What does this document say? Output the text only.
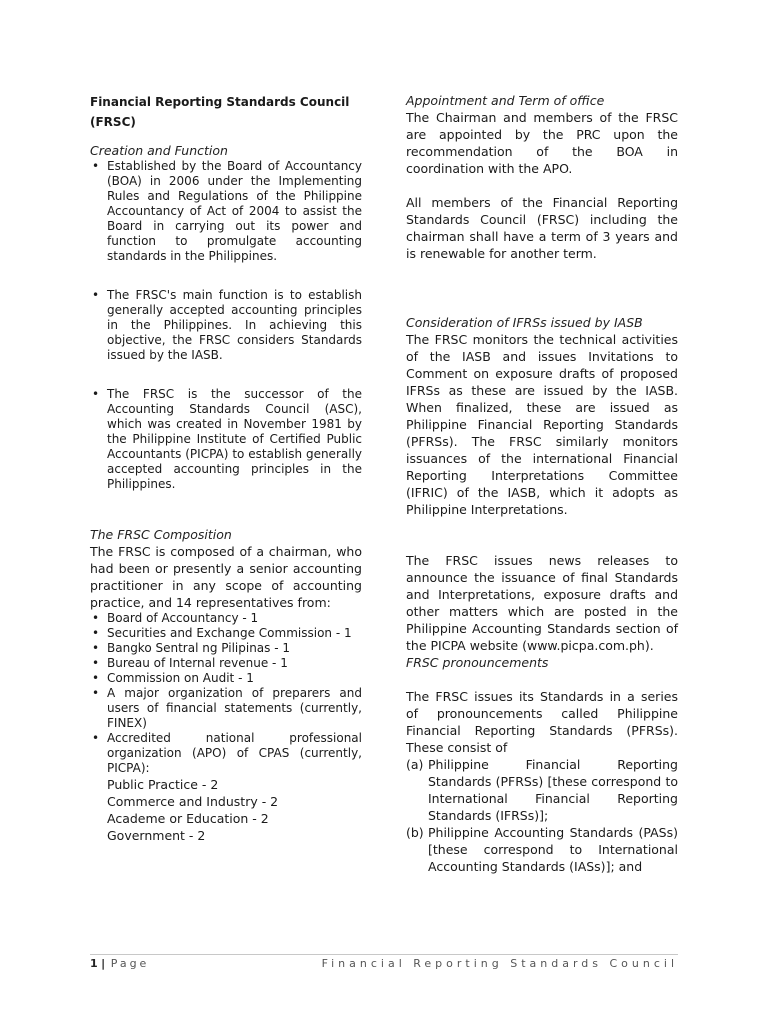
Financial Reporting Standards Council (FRSC)
Creation and Function
• Established by the Board of Accountancy (BOA) in 2006 under the Implementing Rules and Regulations of the Philippine Accountancy of Act of 2004 to assist the Board in carrying out its power and function to promulgate accounting standards in the Philippines.
• The FRSC's main function is to establish generally accepted accounting principles in the Philippines. In achieving this objective, the FRSC considers Standards issued by the IASB.
• The FRSC is the successor of the Accounting Standards Council (ASC), which was created in November 1981 by the Philippine Institute of Certified Public Accountants (PICPA) to establish generally accepted accounting principles in the Philippines.
The FRSC Composition

The FRSC is composed of a chairman, who had been or presently a senior accounting practitioner in any scope of accounting practice, and 14 representatives from:

• Board of Accountancy - 1
• Securities and Exchange Commission - 1
• Bangko Sentral ng Pilipinas - 1
• Bureau of Internal revenue - 1
• Commission on Audit - 1
• A major organization of preparers and users of financial statements (currently, FINEX)
• Accredited national professional organization (APO) of CPAS (currently, PICPA):
Public Practice - 2
Commerce and Industry - 2
Academe or Education - 2
Government - 2
Appointment and Term of office

The Chairman and members of the FRSC are appointed by the PRC upon the recommendation of the BOA in coordination with the APO.

All members of the Financial Reporting Standards Council (FRSC) including the chairman shall have a term of 3 years and is renewable for another term.

Consideration of IFRSs issued by IASB

The FRSC monitors the technical activities of the IASB and issues Invitations to Comment on exposure drafts of proposed IFRSs as these are issued by the IASB. When finalized, these are issued as Philippine Financial Reporting Standards (PFRSs). The FRSC similarly monitors issuances of the international Financial Reporting Interpretations Committee (IFRIC) of the IASB, which it adopts as Philippine Interpretations.

The FRSC issues news releases to announce the issuance of final Standards and Interpretations, exposure drafts and other matters which are posted in the Philippine Accounting Standards section of the PICPA website (www.picpa.com.ph).

FRSC pronouncements

The FRSC issues its Standards in a series of pronouncements called Philippine Financial Reporting Standards (PFRSs). These consist of

(a) Philippine Financial Reporting Standards (PFRSs) [these correspond to International Financial Reporting Standards (IFRSs)];
(b) Philippine Accounting Standards (PASs) [these correspond to International Accounting Standards (IASs)]; and
1 | Page	Financial Reporting Standards Council
